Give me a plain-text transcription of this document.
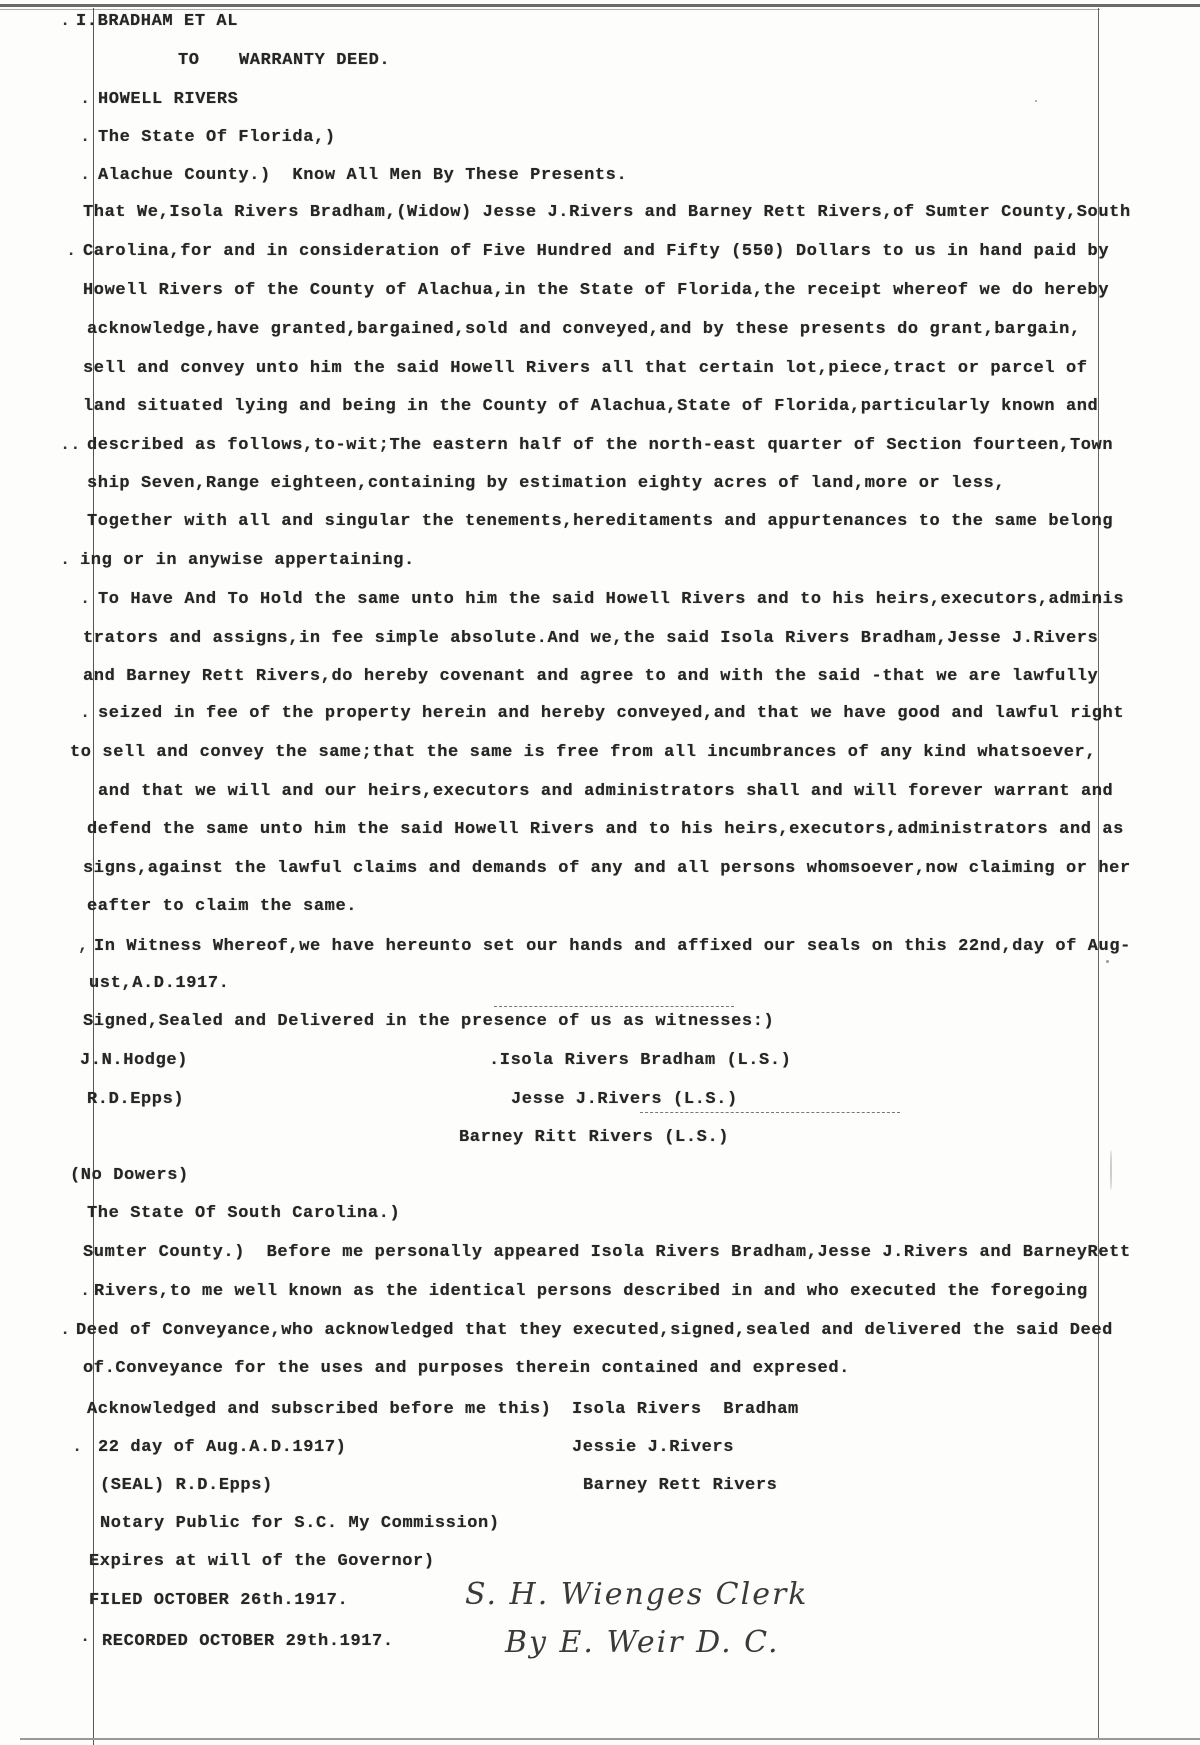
.
.
.
.
.
..
.
.
.
,
.
.
.
.
I.BRADHAM ET AL
TO WARRANTY DEED.
HOWELL RIVERS
The State Of Florida,)
Alachue County.)  Know All Men By These Presents.
That We,Isola Rivers Bradham,(Widow) Jesse J.Rivers and Barney Rett Rivers,of Sumter County,South
Carolina,for and in consideration of Five Hundred and Fifty (550) Dollars to us in hand paid by
Howell Rivers of the County of Alachua,in the State of Florida,the receipt whereof we do hereby
acknowledge,have granted,bargained,sold and conveyed,and by these presents do grant,bargain,
sell and convey unto him the said Howell Rivers all that certain lot,piece,tract or parcel of
land situated lying and being in the County of Alachua,State of Florida,particularly known and
described as follows,to-wit;The eastern half of the north-east quarter of Section fourteen,Town
ship Seven,Range eighteen,containing by estimation eighty acres of land,more or less,
Together with all and singular the tenements,hereditaments and appurtenances to the same belong
ing or in anywise appertaining.
To Have And To Hold the same unto him the said Howell Rivers and to his heirs,executors,adminis
trators and assigns,in fee simple absolute.And we,the said Isola Rivers Bradham,Jesse J.Rivers
and Barney Rett Rivers,do hereby covenant and agree to and with the said -that we are lawfully
seized in fee of the property herein and hereby conveyed,and that we have good and lawful right
to sell and convey the same;that the same is free from all incumbrances of any kind whatsoever,
and that we will and our heirs,executors and administrators shall and will forever warrant and
defend the same unto him the said Howell Rivers and to his heirs,executors,administrators and as
signs,against the lawful claims and demands of any and all persons whomsoever,now claiming or her
eafter to claim the same.
In Witness Whereof,we have hereunto set our hands and affixed our seals on this 22nd,day of Aug-
ust,A.D.1917.
Signed,Sealed and Delivered in the presence of us as witnesses:)
J.N.Hodge)	.Isola Rivers Bradham (L.S.)
R.D.Epps)	Jesse J.Rivers (L.S.)
Barney Ritt Rivers (L.S.)
(No Dowers)
The State Of South Carolina.)
Sumter County.)  Before me personally appeared Isola Rivers Bradham,Jesse J.Rivers and BarneyRett
Rivers,to me well known as the identical persons described in and who executed the foregoing
Deed of Conveyance,who acknowledged that they executed,signed,sealed and delivered the said Deed
of.Conveyance for the uses and purposes therein contained and expresed.
Acknowledged and subscribed before me this)
22 day of Aug.A.D.1917)
(SEAL) R.D.Epps)
Notary Public for S.C. My Commission)
Expires at will of the Governor)
Isola Rivers  Bradham
Jessie J.Rivers
Barney Rett Rivers
FILED OCTOBER 26th.1917.
RECORDED OCTOBER 29th.1917.
S. H. Wienges Clerk
By E. Weir D. C.
